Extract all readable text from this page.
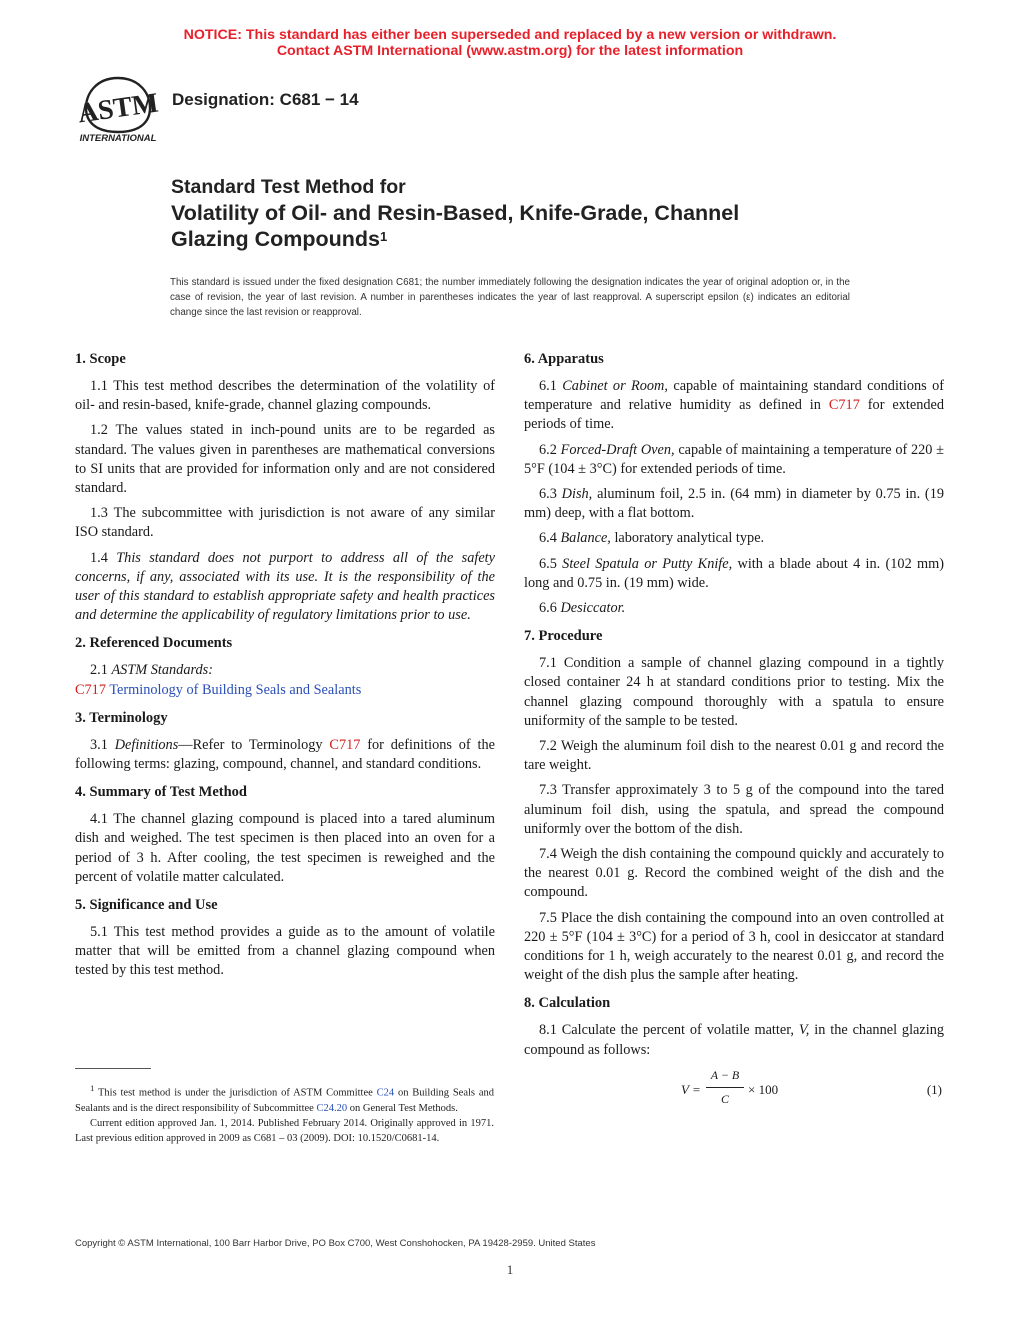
NOTICE: This standard has either been superseded and replaced by a new version or withdrawn.
Contact ASTM International (www.astm.org) for the latest information
ASTM
INTERNATIONAL
Designation: C681 − 14
Standard Test Method for
Volatility of Oil- and Resin-Based, Knife-Grade, Channel
Glazing Compounds$^1$
This standard is issued under the fixed designation C681; the number immediately following the designation indicates the year of original adoption or, in the case of revision, the year of last revision. A number in parentheses indicates the year of last reapproval. A superscript epsilon (ε) indicates an editorial change since the last revision or reapproval.
1. Scope

1.1 This test method describes the determination of the volatility of oil- and resin-based, knife-grade, channel glazing compounds.

1.2 The values stated in inch-pound units are to be regarded as standard. The values given in parentheses are mathematical conversions to SI units that are provided for information only and are not considered standard.

1.3 The subcommittee with jurisdiction is not aware of any similar ISO standard.

1.4 This standard does not purport to address all of the safety concerns, if any, associated with its use. It is the responsibility of the user of this standard to establish appropriate safety and health practices and determine the applicability of regulatory limitations prior to use.

2. Referenced Documents

2.1 ASTM Standards:

C717 Terminology of Building Seals and Sealants

3. Terminology

3.1 Definitions—Refer to Terminology C717 for definitions of the following terms: glazing, compound, channel, and standard conditions.

4. Summary of Test Method

4.1 The channel glazing compound is placed into a tared aluminum dish and weighed. The test specimen is then placed into an oven for a period of 3 h. After cooling, the test specimen is reweighed and the percent of volatile matter calculated.

5. Significance and Use

5.1 This test method provides a guide as to the amount of volatile matter that will be emitted from a channel glazing compound when tested by this test method.

$^1$ This test method is under the jurisdiction of ASTM Committee C24 on Building Seals and Sealants and is the direct responsibility of Subcommittee C24.20 on General Test Methods.

Current edition approved Jan. 1, 2014. Published February 2014. Originally approved in 1971. Last previous edition approved in 2009 as C681 – 03 (2009). DOI: 10.1520/C0681-14.

6. Apparatus

6.1 Cabinet or Room, capable of maintaining standard conditions of temperature and relative humidity as defined in C717 for extended periods of time.

6.2 Forced-Draft Oven, capable of maintaining a temperature of 220 ± 5°F (104 ± 3°C) for extended periods of time.

6.3 Dish, aluminum foil, 2.5 in. (64 mm) in diameter by 0.75 in. (19 mm) deep, with a flat bottom.

6.4 Balance, laboratory analytical type.

6.5 Steel Spatula or Putty Knife, with a blade about 4 in. (102 mm) long and 0.75 in. (19 mm) wide.

6.6 Desiccator.

7. Procedure

7.1 Condition a sample of channel glazing compound in a tightly closed container 24 h at standard conditions prior to testing. Mix the channel glazing compound thoroughly with a spatula to ensure uniformity of the sample to be tested.

7.2 Weigh the aluminum foil dish to the nearest 0.01 g and record the tare weight.

7.3 Transfer approximately 3 to 5 g of the compound into the tared aluminum foil dish, using the spatula, and spread the compound uniformly over the bottom of the dish.

7.4 Weigh the dish containing the compound quickly and accurately to the nearest 0.01 g. Record the combined weight of the dish and the compound.

7.5 Place the dish containing the compound into an oven controlled at 220 ± 5°F (104 ± 3°C) for a period of 3 h, cool in desiccator at standard conditions for 1 h, weigh accurately to the nearest 0.01 g, and record the weight of the dish plus the sample after heating.

8. Calculation

8.1 Calculate the percent of volatile matter, V, in the channel glazing compound as follows:

$V = \frac{A - B}{C} \times 100$	(1)
Copyright © ASTM International, 100 Barr Harbor Drive, PO Box C700, West Conshohocken, PA 19428-2959. United States
1
